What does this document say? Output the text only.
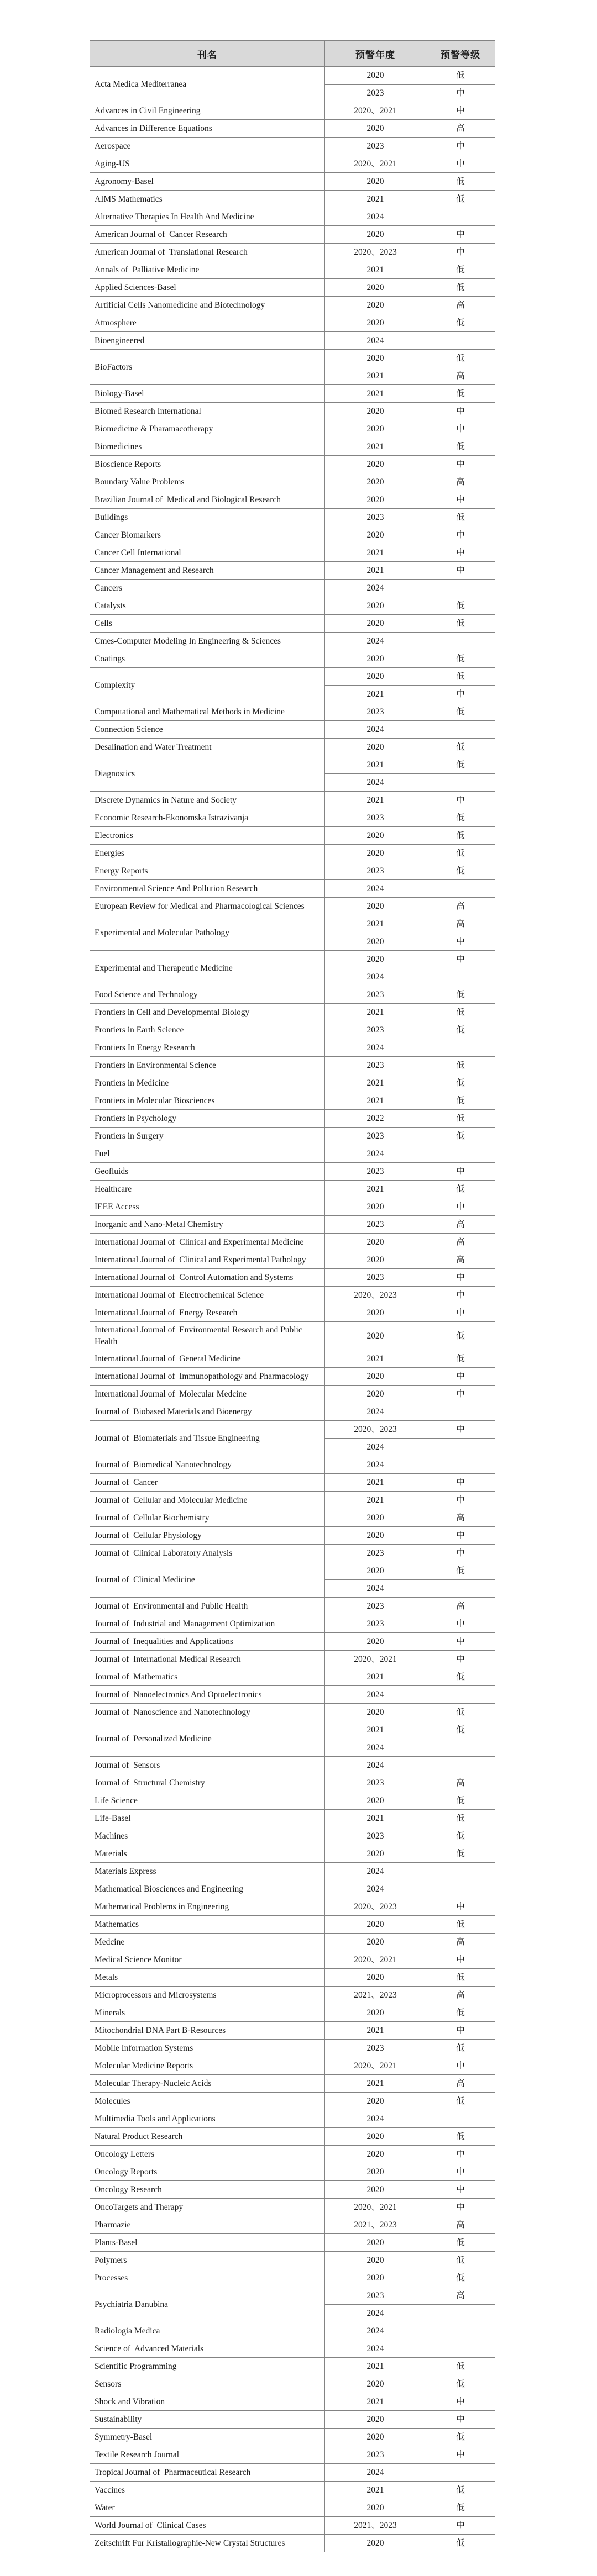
刊名	预警年度	预警等级
Acta Medica Mediterranea	2020	低
	2023	中
Advances in Civil Engineering	2020、2021	中
Advances in Difference Equations	2020	高
Aerospace	2023	中
Aging-US	2020、2021	中
Agronomy-Basel	2020	低
AIMS Mathematics	2021	低
Alternative Therapies In Health And Medicine	2024	
American Journal of  Cancer Research	2020	中
American Journal of  Translational Research	2020、2023	中
Annals of  Palliative Medicine	2021	低
Applied Sciences-Basel	2020	低
Artificial Cells Nanomedicine and Biotechnology	2020	高
Atmosphere	2020	低
Bioengineered	2024	
BioFactors	2020	低
	2021	高
Biology-Basel	2021	低
Biomed Research International	2020	中
Biomedicine & Pharamacotherapy	2020	中
Biomedicines	2021	低
Bioscience Reports	2020	中
Boundary Value Problems	2020	高
Brazilian Journal of  Medical and Biological Research	2020	中
Buildings	2023	低
Cancer Biomarkers	2020	中
Cancer Cell International	2021	中
Cancer Management and Research	2021	中
Cancers	2024	
Catalysts	2020	低
Cells	2020	低
Cmes-Computer Modeling In Engineering & Sciences	2024	
Coatings	2020	低
Complexity	2020	低
	2021	中
Computational and Mathematical Methods in Medicine	2023	低
Connection Science	2024	
Desalination and Water Treatment	2020	低
Diagnostics	2021	低
	2024	
Discrete Dynamics in Nature and Society	2021	中
Economic Research-Ekonomska Istrazivanja	2023	低
Electronics	2020	低
Energies	2020	低
Energy Reports	2023	低
Environmental Science And Pollution Research	2024	
European Review for Medical and Pharmacological Sciences	2020	高
Experimental and Molecular Pathology	2021	高
	2020	中
Experimental and Therapeutic Medicine	2020	中
	2024	
Food Science and Technology	2023	低
Frontiers in Cell and Developmental Biology	2021	低
Frontiers in Earth Science	2023	低
Frontiers In Energy Research	2024	
Frontiers in Environmental Science	2023	低
Frontiers in Medicine	2021	低
Frontiers in Molecular Biosciences	2021	低
Frontiers in Psychology	2022	低
Frontiers in Surgery	2023	低
Fuel	2024	
Geofluids	2023	中
Healthcare	2021	低
IEEE Access	2020	中
Inorganic and Nano-Metal Chemistry	2023	高
International Journal of  Clinical and Experimental Medicine	2020	高
International Journal of  Clinical and Experimental Pathology	2020	高
International Journal of  Control Automation and Systems	2023	中
International Journal of  Electrochemical Science	2020、2023	中
International Journal of  Energy Research	2020	中
International Journal of  Environmental Research and Public Health	2020	低
International Journal of  General Medicine	2021	低
International Journal of  Immunopathology and Pharmacology	2020	中
International Journal of  Molecular Medcine	2020	中
Journal of  Biobased Materials and Bioenergy	2024	
Journal of  Biomaterials and Tissue Engineering	2020、2023	中
	2024	
Journal of  Biomedical Nanotechnology	2024	
Journal of  Cancer	2021	中
Journal of  Cellular and Molecular Medicine	2021	中
Journal of  Cellular Biochemistry	2020	高
Journal of  Cellular Physiology	2020	中
Journal of  Clinical Laboratory Analysis	2023	中
Journal of  Clinical Medicine	2020	低
	2024	
Journal of  Environmental and Public Health	2023	高
Journal of  Industrial and Management Optimization	2023	中
Journal of  Inequalities and Applications	2020	中
Journal of  International Medical Research	2020、2021	中
Journal of  Mathematics	2021	低
Journal of  Nanoelectronics And Optoelectronics	2024	
Journal of  Nanoscience and Nanotechnology	2020	低
Journal of  Personalized Medicine	2021	低
	2024	
Journal of  Sensors	2024	
Journal of  Structural Chemistry	2023	高
Life Science	2020	低
Life-Basel	2021	低
Machines	2023	低
Materials	2020	低
Materials Express	2024	
Mathematical Biosciences and Engineering	2024	
Mathematical Problems in Engineering	2020、2023	中
Mathematics	2020	低
Medcine	2020	高
Medical Science Monitor	2020、2021	中
Metals	2020	低
Microprocessors and Microsystems	2021、2023	高
Minerals	2020	低
Mitochondrial DNA Part B-Resources	2021	中
Mobile Information Systems	2023	低
Molecular Medicine Reports	2020、2021	中
Molecular Therapy-Nucleic Acids	2021	高
Molecules	2020	低
Multimedia Tools and Applications	2024	
Natural Product Research	2020	低
Oncology Letters	2020	中
Oncology Reports	2020	中
Oncology Research	2020	中
OncoTargets and Therapy	2020、2021	中
Pharmazie	2021、2023	高
Plants-Basel	2020	低
Polymers	2020	低
Processes	2020	低
Psychiatria Danubina	2023	高
	2024	
Radiologia Medica	2024	
Science of  Advanced Materials	2024	
Scientific Programming	2021	低
Sensors	2020	低
Shock and Vibration	2021	中
Sustainability	2020	中
Symmetry-Basel	2020	低
Textile Research Journal	2023	中
Tropical Journal of  Pharmaceutical Research	2024	
Vaccines	2021	低
Water	2020	低
World Journal of  Clinical Cases	2021、2023	中
Zeitschrift Fur Kristallographie-New Crystal Structures	2020	低
